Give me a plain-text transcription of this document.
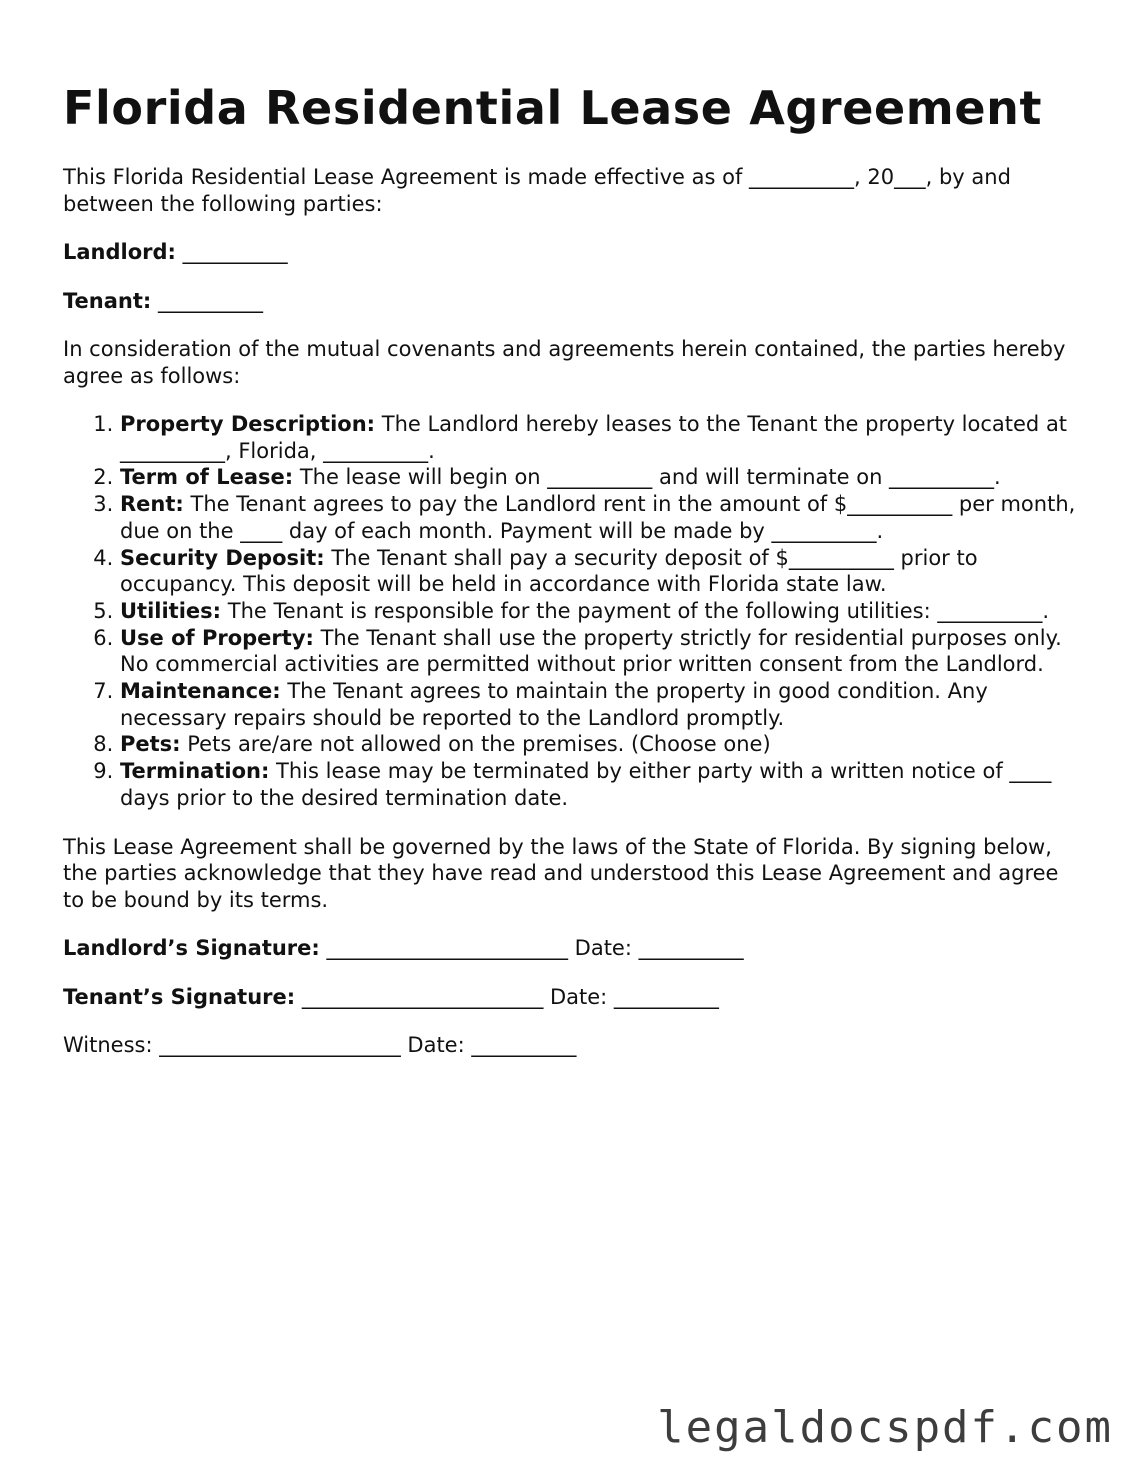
Florida Residential Lease Agreement

This Florida Residential Lease Agreement is made effective as of __________, 20___, by and between the following parties:

Landlord: __________

Tenant: __________

In consideration of the mutual covenants and agreements herein contained, the parties hereby agree as follows:

1. Property Description: The Landlord hereby leases to the Tenant the property located at __________, Florida, __________.
2. Term of Lease: The lease will begin on __________ and will terminate on __________.
3. Rent: The Tenant agrees to pay the Landlord rent in the amount of $__________ per month, due on the ____ day of each month. Payment will be made by __________.
4. Security Deposit: The Tenant shall pay a security deposit of $__________ prior to occupancy. This deposit will be held in accordance with Florida state law.
5. Utilities: The Tenant is responsible for the payment of the following utilities: __________.
6. Use of Property: The Tenant shall use the property strictly for residential purposes only. No commercial activities are permitted without prior written consent from the Landlord.
7. Maintenance: The Tenant agrees to maintain the property in good condition. Any necessary repairs should be reported to the Landlord promptly.
8. Pets: Pets are/are not allowed on the premises. (Choose one)
9. Termination: This lease may be terminated by either party with a written notice of ____ days prior to the desired termination date.

This Lease Agreement shall be governed by the laws of the State of Florida. By signing below, the parties acknowledge that they have read and understood this Lease Agreement and agree to be bound by its terms.

Landlord’s Signature: _______________________ Date: __________

Tenant’s Signature: _______________________ Date: __________

Witness: _______________________ Date: __________

legaldocspdf.com
